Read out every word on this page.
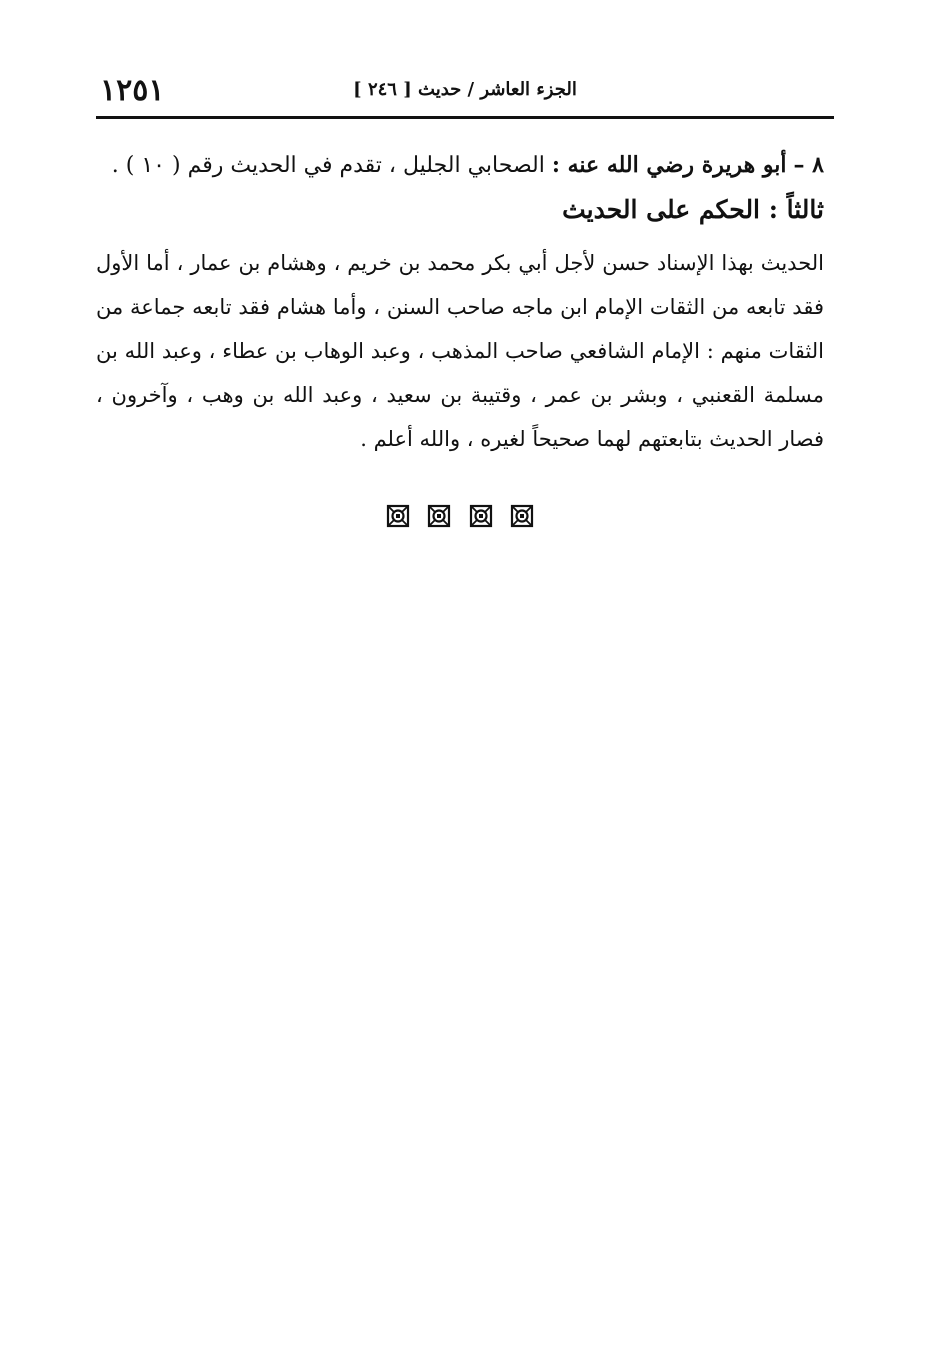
١٢٥١	الجزء العاشر / حديث [ ٢٤٦ ]
٨ – أبو هريرة رضي الله عنه : الصحابي الجليل ، تقدم في الحديث رقم ( ١٠ ) .
ثالثاً : الحكم على الحديث

الحديث بهذا الإسناد حسن لأجل أبي بكر محمد بن خريم ، وهشام بن عمار ، أما الأول فقد تابعه من الثقات الإمام ابن ماجه صاحب السنن ، وأما هشام فقد تابعه جماعة من الثقات منهم : الإمام الشافعي صاحب المذهب ، وعبد الوهاب بن عطاء ، وعبد الله بن مسلمة القعنبي ، وبشر بن عمر ، وقتيبة بن سعيد ، وعبد الله بن وهب ، وآخرون ، فصار الحديث بتابعتهم لهما صحيحاً لغيره ، والله أعلم .
